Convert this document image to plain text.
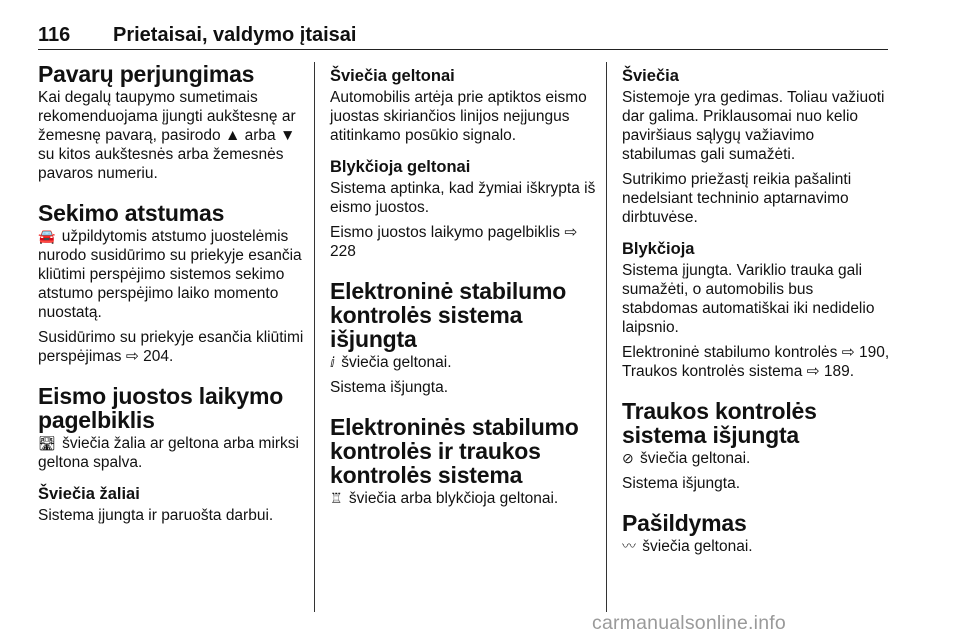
116 Prietaisai, valdymo įtaisai
Pavarų perjungimas
Kai degalų taupymo sumetimais rekomenduojama įjungti aukštesnę ar žemesnę pavarą, pasirodo ▲ arba ▼ su kitos aukštesnės arba žemesnės pavaros numeriu.
Sekimo atstumas
🚘 užpildytomis atstumo juostelėmis nurodo susidūrimo su priekyje esančia kliūtimi perspėjimo sistemos sekimo atstumo perspėjimo laiko momento nuostatą.
Susidūrimo su priekyje esančia kliūtimi perspėjimas ⇨ 204.
Eismo juostos laikymo pagelbiklis
🛣 šviečia žalia ar geltona arba mirksi geltona spalva.
Šviečia žaliai
Sistema įjungta ir paruošta darbui.
Šviečia geltonai
Automobilis artėja prie aptiktos eismo juostas skiriančios linijos neįjungus atitinkamo posūkio signalo.
Blykčioja geltonai
Sistema aptinka, kad žymiai iškrypta iš eismo juostos.
Eismo juostos laikymo pagelbiklis ⇨ 228
Elektroninė stabilumo kontrolės sistema išjungta
ⅈ šviečia geltonai.
Sistema išjungta.
Elektroninės stabilumo kontrolės ir traukos kontrolės sistema
♖ šviečia arba blykčioja geltonai.
Šviečia
Sistemoje yra gedimas. Toliau važiuoti dar galima. Priklausomai nuo kelio paviršiaus sąlygų važiavimo stabilumas gali sumažėti.
Sutrikimo priežastį reikia pašalinti nedelsiant techninio aptarnavimo dirbtuvėse.
Blykčioja
Sistema įjungta. Variklio trauka gali sumažėti, o automobilis bus stabdomas automatiškai iki nedidelio laipsnio.
Elektroninė stabilumo kontrolės ⇨ 190, Traukos kontrolės sistema ⇨ 189.
Traukos kontrolės sistema išjungta
⊘ šviečia geltonai.
Sistema išjungta.
Pašildymas
〰 šviečia geltonai.
carmanualsonline.info
